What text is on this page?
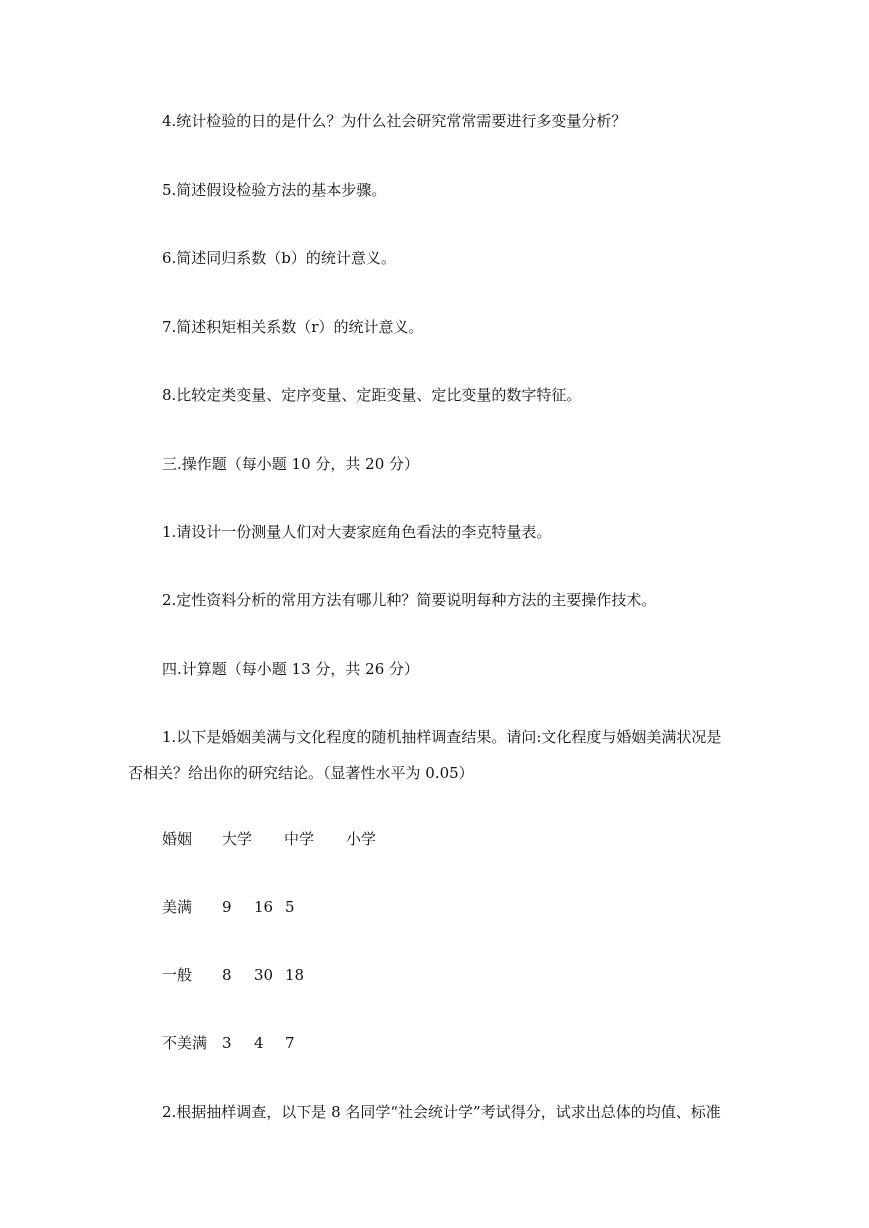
4.统计检验的日的是什么？为什么社会研究常常需要进行多变量分析？
5.简述假设检验方法的基本步骤。
6.简述同归系数（b）的统计意义。
7.简述积矩相关系数（r）的统计意义。
8.比较定类变量、定序变量、定距变量、定比变量的数字特征。
三.操作题（每小题 10 分，共 20 分）
1.请设计一份测量人们对大妻家庭角色看法的李克特量表。
2.定性资料分析的常用方法有哪儿种？简要说明每种方法的主要操作技术。
四.计算题（每小题 13 分，共 26 分）
1.以下是婚姻美满与文化程度的随机抽样调查结果。请问:文化程度与婚姻美满状况是
否相关？给出你的研究结论。（显著性水平为 0.05）
婚姻 大学 中学 小学
美满 9 16 5
一般 8 30 18
不美满 3 4 7
2.根据抽样调查，以下是 8 名同学“社会统计学”考试得分，试求出总体的均值、标准
